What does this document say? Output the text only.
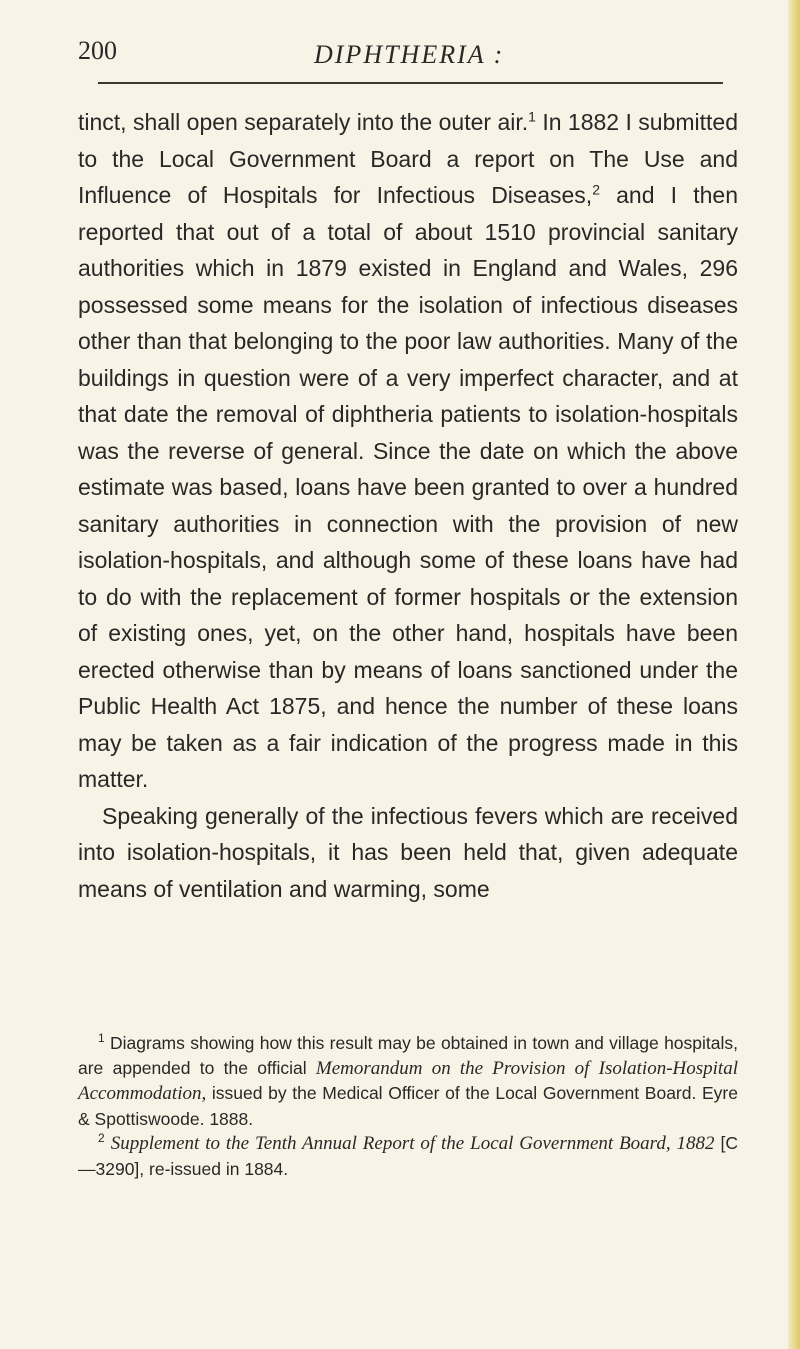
200	DIPHTHERIA :

tinct, shall open separately into the outer air.$^1$ In 1882 I submitted to the Local Government Board a report on The Use and Influence of Hospitals for Infectious Diseases,$^2$ and I then reported that out of a total of about 1510 provincial sanitary authorities which in 1879 existed in England and Wales, 296 possessed some means for the isolation of infectious diseases other than that belonging to the poor law authorities. Many of the buildings in question were of a very imperfect character, and at that date the removal of diphtheria patients to isolation-hospitals was the reverse of general. Since the date on which the above estimate was based, loans have been granted to over a hundred sanitary authorities in connection with the provision of new isolation-hospitals, and although some of these loans have had to do with the replacement of former hospitals or the extension of existing ones, yet, on the other hand, hospitals have been erected otherwise than by means of loans sanctioned under the Public Health Act 1875, and hence the number of these loans may be taken as a fair indication of the progress made in this matter.

Speaking generally of the infectious fevers which are received into isolation-hospitals, it has been held that, given adequate means of ventilation and warming, some

$^1$ Diagrams showing how this result may be obtained in town and village hospitals, are appended to the official Memorandum on the Provision of Isolation-Hospital Accommodation, issued by the Medical Officer of the Local Government Board. Eyre & Spottiswoode. 1888.

$^2$ Supplement to the Tenth Annual Report of the Local Government Board, 1882 [C—3290], re-issued in 1884.
